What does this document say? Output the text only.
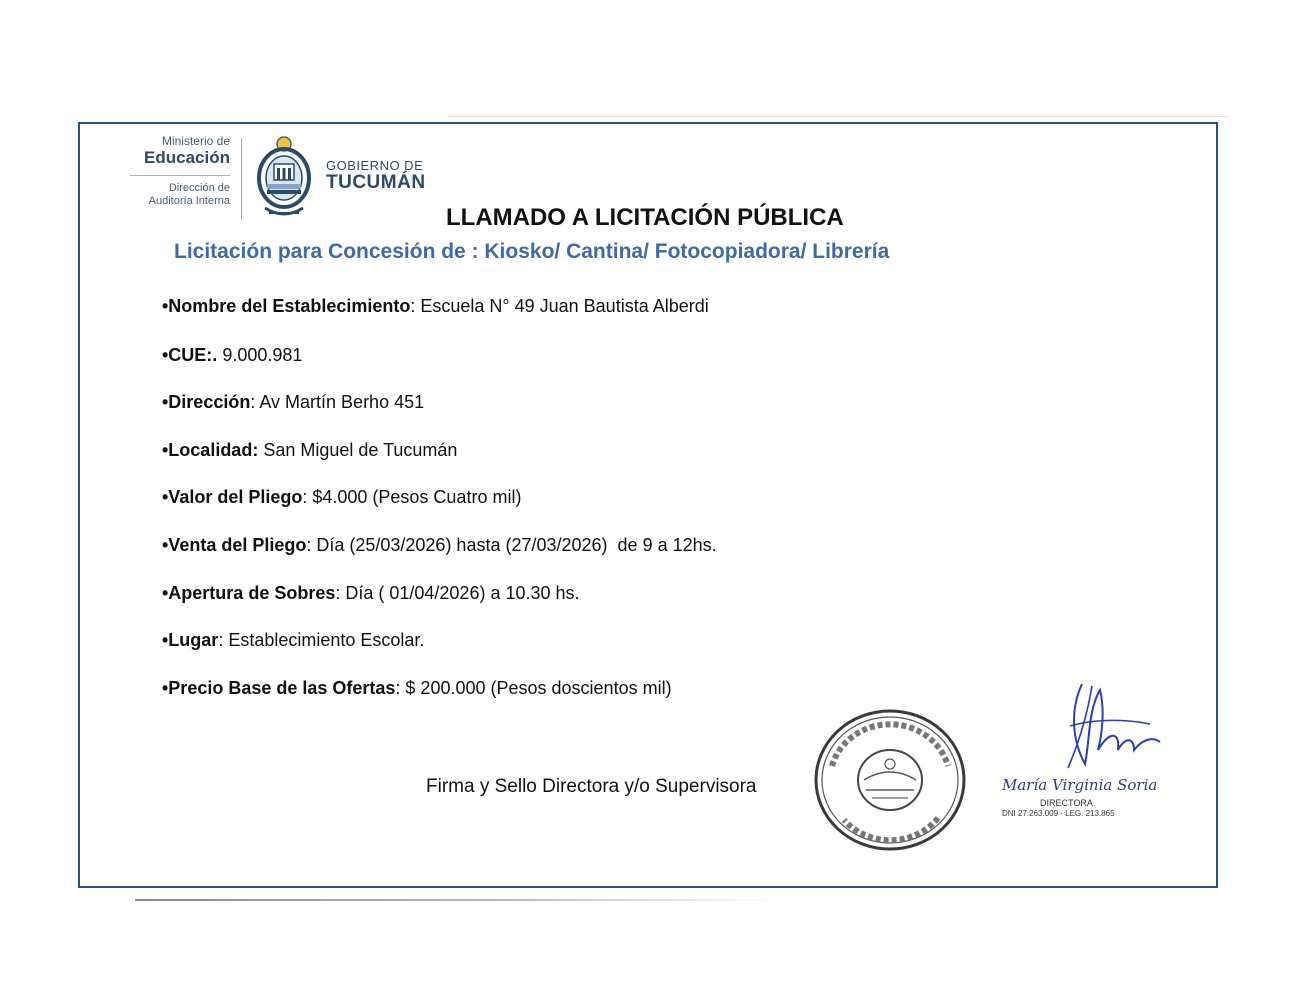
Ministerio de
Educación
Dirección de
Auditoría Interna
GOBIERNO DE
TUCUMÁN
LLAMADO A LICITACIÓN PÚBLICA
Licitación para Concesión de : Kiosko/ Cantina/ Fotocopiadora/ Librería
•Nombre del Establecimiento: Escuela N° 49 Juan Bautista Alberdi
•CUE:. 9.000.981
•Dirección: Av Martín Berho 451
•Localidad: San Miguel de Tucumán
•Valor del Pliego: $4.000 (Pesos Cuatro mil)
•Venta del Pliego: Día (25/03/2026) hasta (27/03/2026)  de 9 a 12hs.
•Apertura de Sobres: Día ( 01/04/2026) a 10.30 hs.
•Lugar: Establecimiento Escolar.
•Precio Base de las Ofertas: $ 200.000 (Pesos doscientos mil)
Firma y Sello Directora y/o Supervisora	María Virginia Soria
DIRECTORA
DNI 27.263.009 - LEG. 213.865
